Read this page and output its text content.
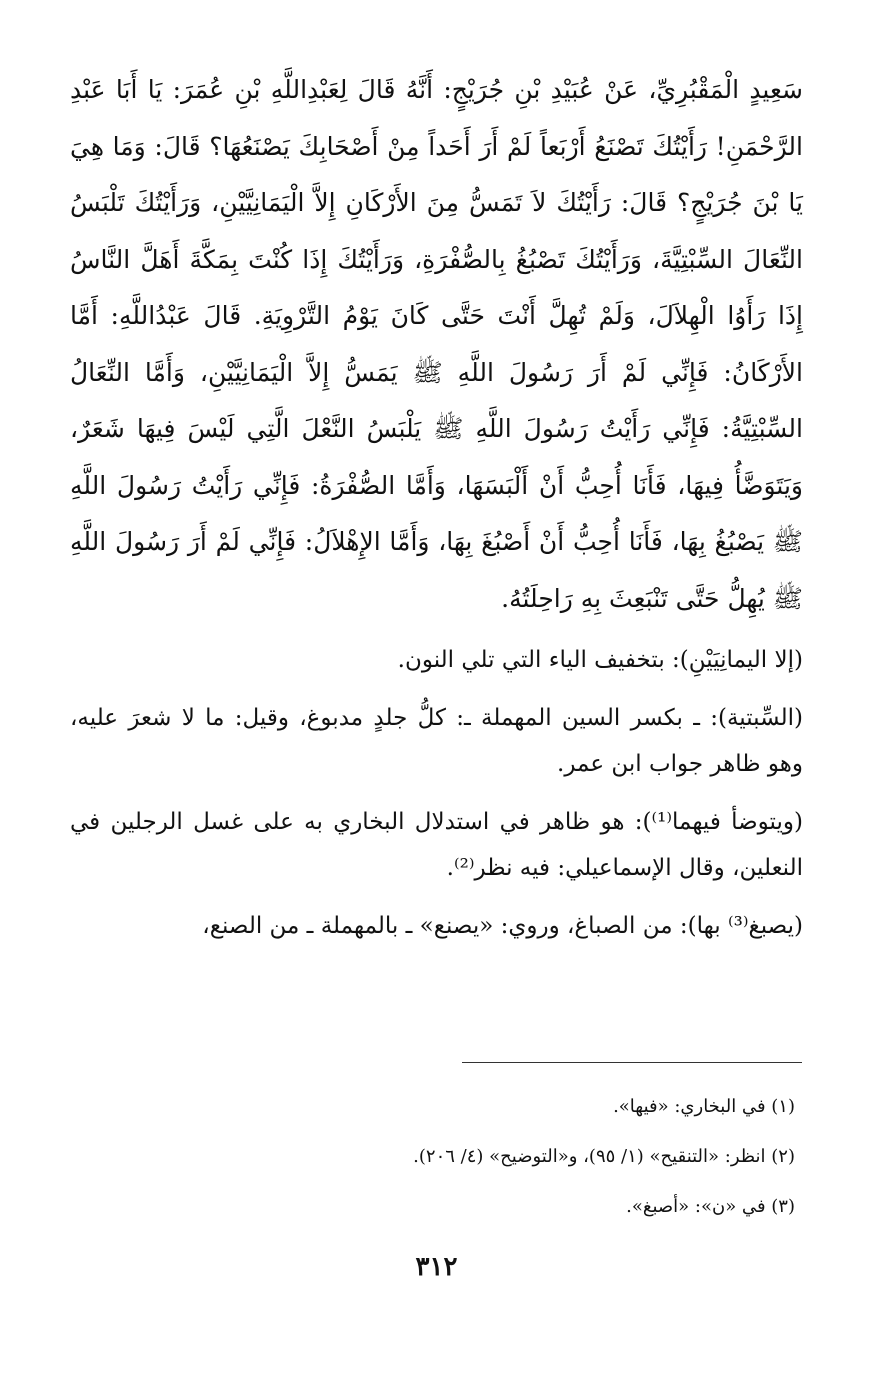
سَعِيدٍ الْمَقْبُرِيِّ، عَنْ عُبَيْدِ بْنِ جُرَيْجٍ: أَنَّهُ قَالَ لِعَبْدِاللَّهِ بْنِ عُمَرَ: يَا أَبَا عَبْدِ الرَّحْمَنِ! رَأَيْتُكَ تَصْنَعُ أَرْبَعاً لَمْ أَرَ أَحَداً مِنْ أَصْحَابِكَ يَصْنَعُهَا؟ قَالَ: وَمَا هِيَ يَا بْنَ جُرَيْجٍ؟ قَالَ: رَأَيْتُكَ لاَ تَمَسُّ مِنَ الأَرْكَانِ إِلاَّ الْيَمَانِيَّيْنِ، وَرَأَيْتُكَ تَلْبَسُ النِّعَالَ السِّبْتِيَّةَ، وَرَأَيْتُكَ تَصْبُغُ بِالصُّفْرَةِ، وَرَأَيْتُكَ إِذَا كُنْتَ بِمَكَّةَ أَهَلَّ النَّاسُ إِذَا رَأَوُا الْهِلاَلَ، وَلَمْ تُهِلَّ أَنْتَ حَتَّى كَانَ يَوْمُ التَّرْوِيَةِ. قَالَ عَبْدُاللَّهِ: أَمَّا الأَرْكَانُ: فَإِنِّي لَمْ أَرَ رَسُولَ اللَّهِ ﷺ يَمَسُّ إِلاَّ الْيَمَانِيَّيْنِ، وَأَمَّا النِّعَالُ السِّبْتِيَّةُ: فَإِنِّي رَأَيْتُ رَسُولَ اللَّهِ ﷺ يَلْبَسُ النَّعْلَ الَّتِي لَيْسَ فِيهَا شَعَرٌ، وَيَتَوَضَّأُ فِيهَا، فَأَنَا أُحِبُّ أَنْ أَلْبَسَهَا، وَأَمَّا الصُّفْرَةُ: فَإِنِّي رَأَيْتُ رَسُولَ اللَّهِ ﷺ يَصْبُغُ بِهَا، فَأَنَا أُحِبُّ أَنْ أَصْبُغَ بِهَا، وَأَمَّا الإِهْلاَلُ: فَإِنِّي لَمْ أَرَ رَسُولَ اللَّهِ ﷺ يُهِلُّ حَتَّى تَنْبَعِثَ بِهِ رَاحِلَتُهُ.

(إلا اليمانِيَيْنِ): بتخفيف الياء التي تلي النون.

(السِّبتية): ـ بكسر السين المهملة ـ: كلُّ جلدٍ مدبوغ، وقيل: ما لا شعرَ عليه، وهو ظاهر جواب ابن عمر.

(ويتوضأ فيهما⁽¹⁾): هو ظاهر في استدلال البخاري به على غسل الرجلين في النعلين، وقال الإسماعيلي: فيه نظر⁽²⁾.

(يصبغ⁽³⁾ بها): من الصباغ، وروي: «يصنع» ـ بالمهملة ـ من الصنع،

(١) في البخاري: «فيها».

(٢) انظر: «التنقيح» (١/ ٩٥)، و«التوضيح» (٤/ ٢٠٦).

(٣) في «ن»: «أصبغ».

٣١٢
